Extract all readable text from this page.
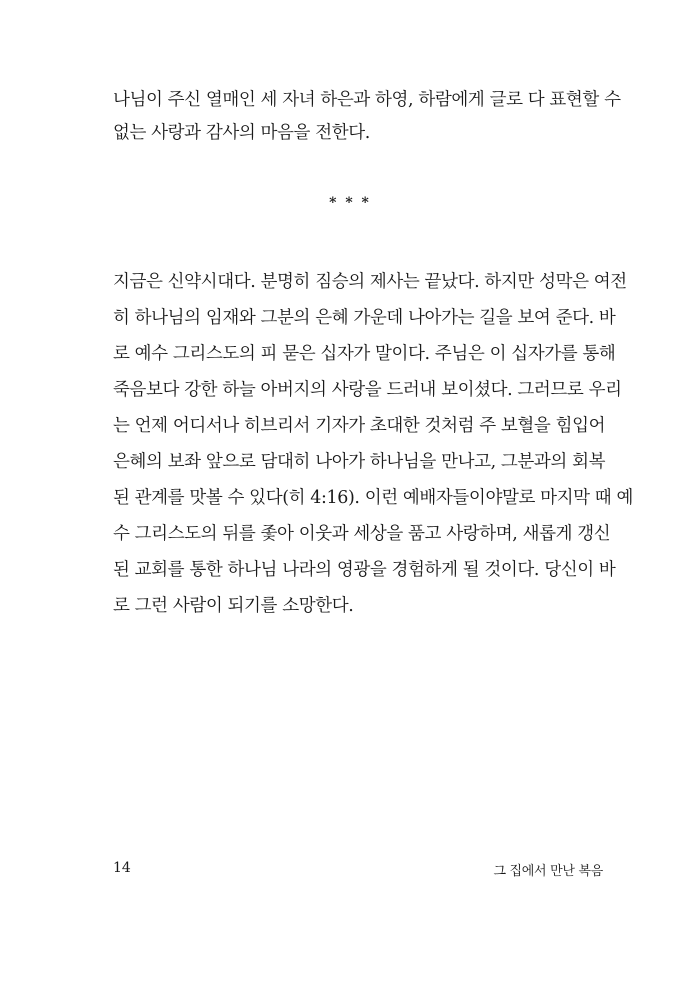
나님이 주신 열매인 세 자녀 하은과 하영, 하람에게 글로 다 표현할 수
없는 사랑과 감사의 마음을 전한다.
* * *
지금은 신약시대다. 분명히 짐승의 제사는 끝났다. 하지만 성막은 여전
히 하나님의 임재와 그분의 은혜 가운데 나아가는 길을 보여 준다. 바
로 예수 그리스도의 피 묻은 십자가 말이다. 주님은 이 십자가를 통해
죽음보다 강한 하늘 아버지의 사랑을 드러내 보이셨다. 그러므로 우리
는 언제 어디서나 히브리서 기자가 초대한 것처럼 주 보혈을 힘입어
은혜의 보좌 앞으로 담대히 나아가 하나님을 만나고, 그분과의 회복
된 관계를 맛볼 수 있다(히 4:16). 이런 예배자들이야말로 마지막 때 예
수 그리스도의 뒤를 좇아 이웃과 세상을 품고 사랑하며, 새롭게 갱신
된 교회를 통한 하나님 나라의 영광을 경험하게 될 것이다. 당신이 바
로 그런 사람이 되기를 소망한다.
14	그 집에서 만난 복음
